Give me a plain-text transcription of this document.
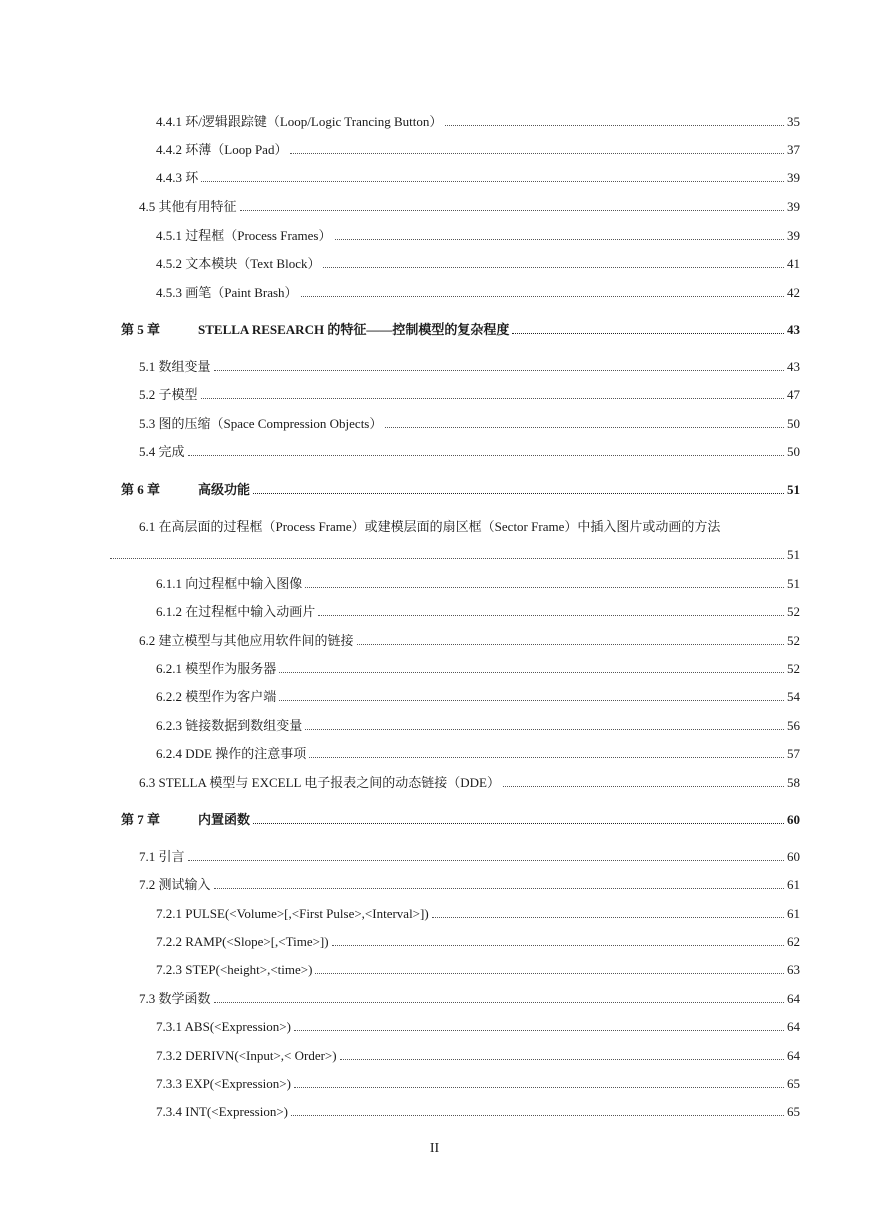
4.4.1 环/逻辑跟踪键（Loop/Logic Trancing Button）	35
4.4.2 环薄（Loop Pad）	37
4.4.3 环	39
4.5 其他有用特征	39
4.5.1 过程框（Process Frames）	39
4.5.2 文本模块（Text Block）	41
4.5.3 画笔（Paint Brash）	42
第 5 章	STELLA RESEARCH 的特征——控制模型的复杂程度	43
5.1 数组变量	43
5.2 子模型	47
5.3 图的压缩（Space Compression Objects）	50
5.4 完成	50
第 6 章	高级功能	51
6.1 在高层面的过程框（Process Frame）或建模层面的扇区框（Sector Frame）中插入图片或动画的方法
51
6.1.1 向过程框中输入图像	51
6.1.2 在过程框中输入动画片	52
6.2 建立模型与其他应用软件间的链接	52
6.2.1 模型作为服务器	52
6.2.2 模型作为客户端	54
6.2.3 链接数据到数组变量	56
6.2.4 DDE 操作的注意事项	57
6.3 STELLA 模型与 EXCELL 电子报表之间的动态链接（DDE）	58
第 7 章	内置函数	60
7.1 引言	60
7.2 测试输入	61
7.2.1 PULSE(<Volume>[,<First Pulse>,<Interval>])	61
7.2.2 RAMP(<Slope>[,<Time>])	62
7.2.3 STEP(<height>,<time>)	63
7.3 数学函数	64
7.3.1 ABS(<Expression>)	64
7.3.2 DERIVN(<Input>,< Order>)	64
7.3.3 EXP(<Expression>)	65
7.3.4 INT(<Expression>)	65
II
